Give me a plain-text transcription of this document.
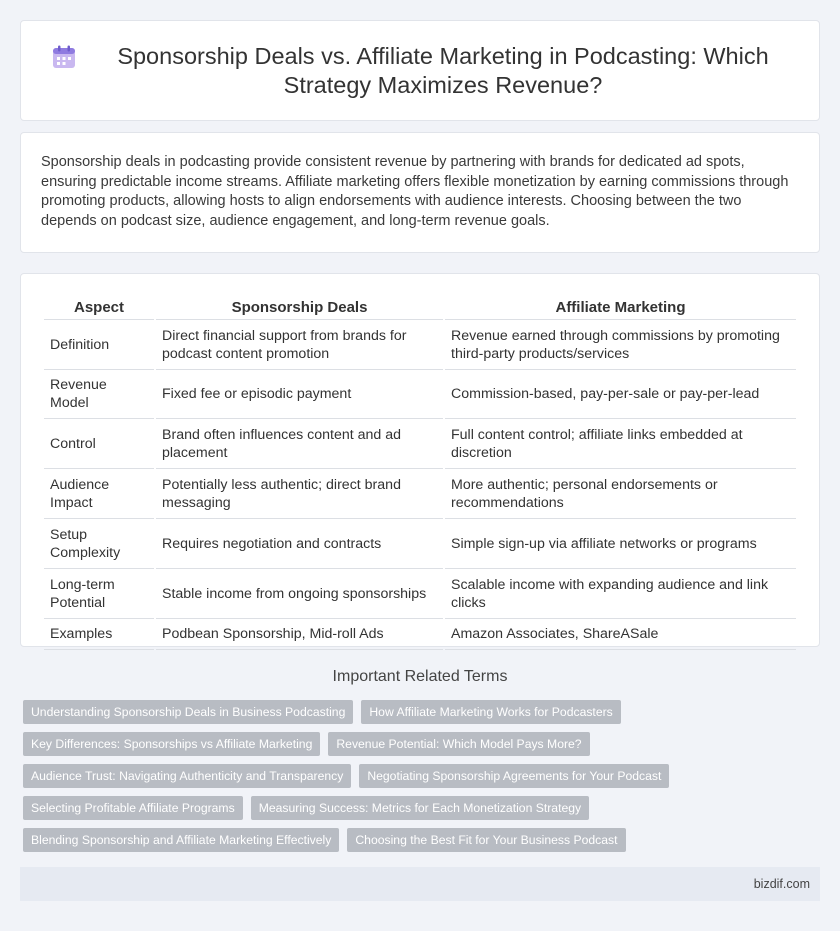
Sponsorship Deals vs. Affiliate Marketing in Podcasting: Which Strategy Maximizes Revenue?

Sponsorship deals in podcasting provide consistent revenue by partnering with brands for dedicated ad spots, ensuring predictable income streams. Affiliate marketing offers flexible monetization by earning commissions through promoting products, allowing hosts to align endorsements with audience interests. Choosing between the two depends on podcast size, audience engagement, and long-term revenue goals.

Aspect	Sponsorship Deals	Affiliate Marketing
Definition	Direct financial support from brands for podcast content promotion	Revenue earned through commissions by promoting third-party products/services
Revenue Model	Fixed fee or episodic payment	Commission-based, pay-per-sale or pay-per-lead
Control	Brand often influences content and ad placement	Full content control; affiliate links embedded at discretion
Audience Impact	Potentially less authentic; direct brand messaging	More authentic; personal endorsements or recommendations
Setup Complexity	Requires negotiation and contracts	Simple sign-up via affiliate networks or programs
Long-term Potential	Stable income from ongoing sponsorships	Scalable income with expanding audience and link clicks
Examples	Podbean Sponsorship, Mid-roll Ads	Amazon Associates, ShareASale
Important Related Terms
Understanding Sponsorship Deals in Business Podcasting	How Affiliate Marketing Works for Podcasters
Key Differences: Sponsorships vs Affiliate Marketing	Revenue Potential: Which Model Pays More?
Audience Trust: Navigating Authenticity and Transparency	Negotiating Sponsorship Agreements for Your Podcast
Selecting Profitable Affiliate Programs	Measuring Success: Metrics for Each Monetization Strategy
Blending Sponsorship and Affiliate Marketing Effectively	Choosing the Best Fit for Your Business Podcast
bizdif.com
